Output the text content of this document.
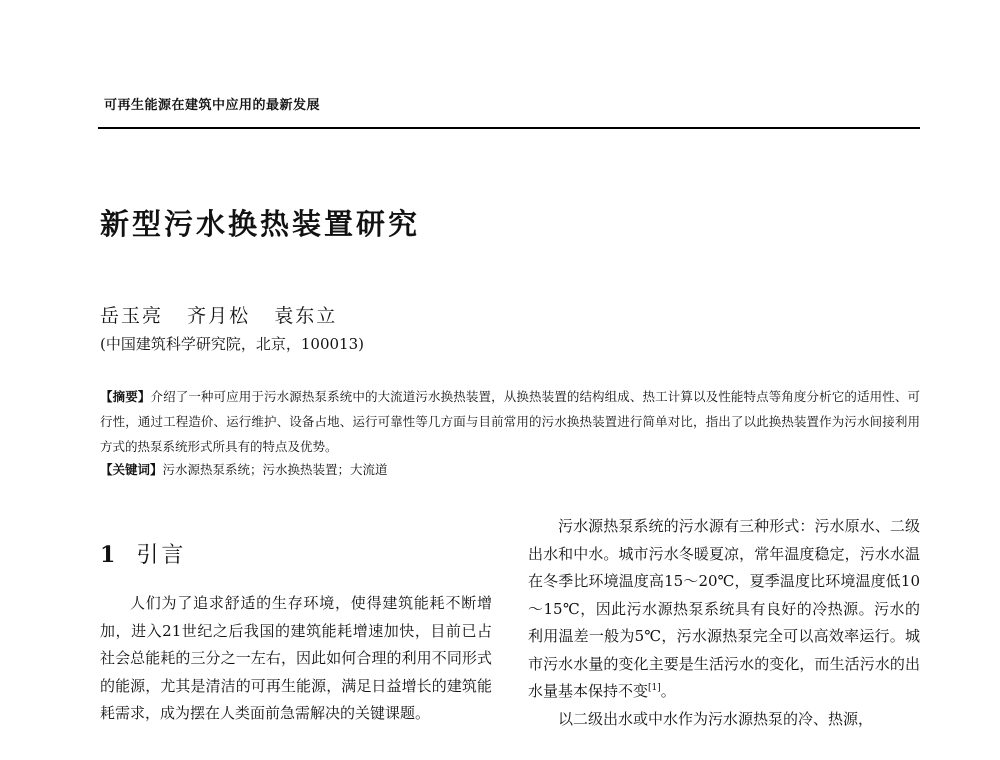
可再生能源在建筑中应用的最新发展
新型污水换热装置研究
岳玉亮 齐月松 袁东立
(中国建筑科学研究院，北京，100013)
【摘要】介绍了一种可应用于污水源热泵系统中的大流道污水换热装置，从换热装置的结构组成、热工计算以及性能特点等角度分析它的适用性、可行性，通过工程造价、运行维护、设备占地、运行可靠性等几方面与目前常用的污水换热装置进行简单对比，指出了以此换热装置作为污水间接利用方式的热泵系统形式所具有的特点及优势。
【关键词】污水源热泵系统；污水换热装置；大流道
1 引言

人们为了追求舒适的生存环境，使得建筑能耗不断增加，进入21世纪之后我国的建筑能耗增速加快，目前已占社会总能耗的三分之一左右，因此如何合理的利用不同形式的能源，尤其是清洁的可再生能源，满足日益增长的建筑能耗需求，成为摆在人类面前急需解决的关键课题。

污水源热泵系统的污水源有三种形式：污水原水、二级出水和中水。城市污水冬暖夏凉，常年温度稳定，污水水温在冬季比环境温度高15～20℃，夏季温度比环境温度低10～15℃，因此污水源热泵系统具有良好的冷热源。污水的利用温差一般为5℃，污水源热泵完全可以高效率运行。城市污水水量的变化主要是生活污水的变化，而生活污水的出水量基本保持不变[1]。

以二级出水或中水作为污水源热泵的冷、热源，
